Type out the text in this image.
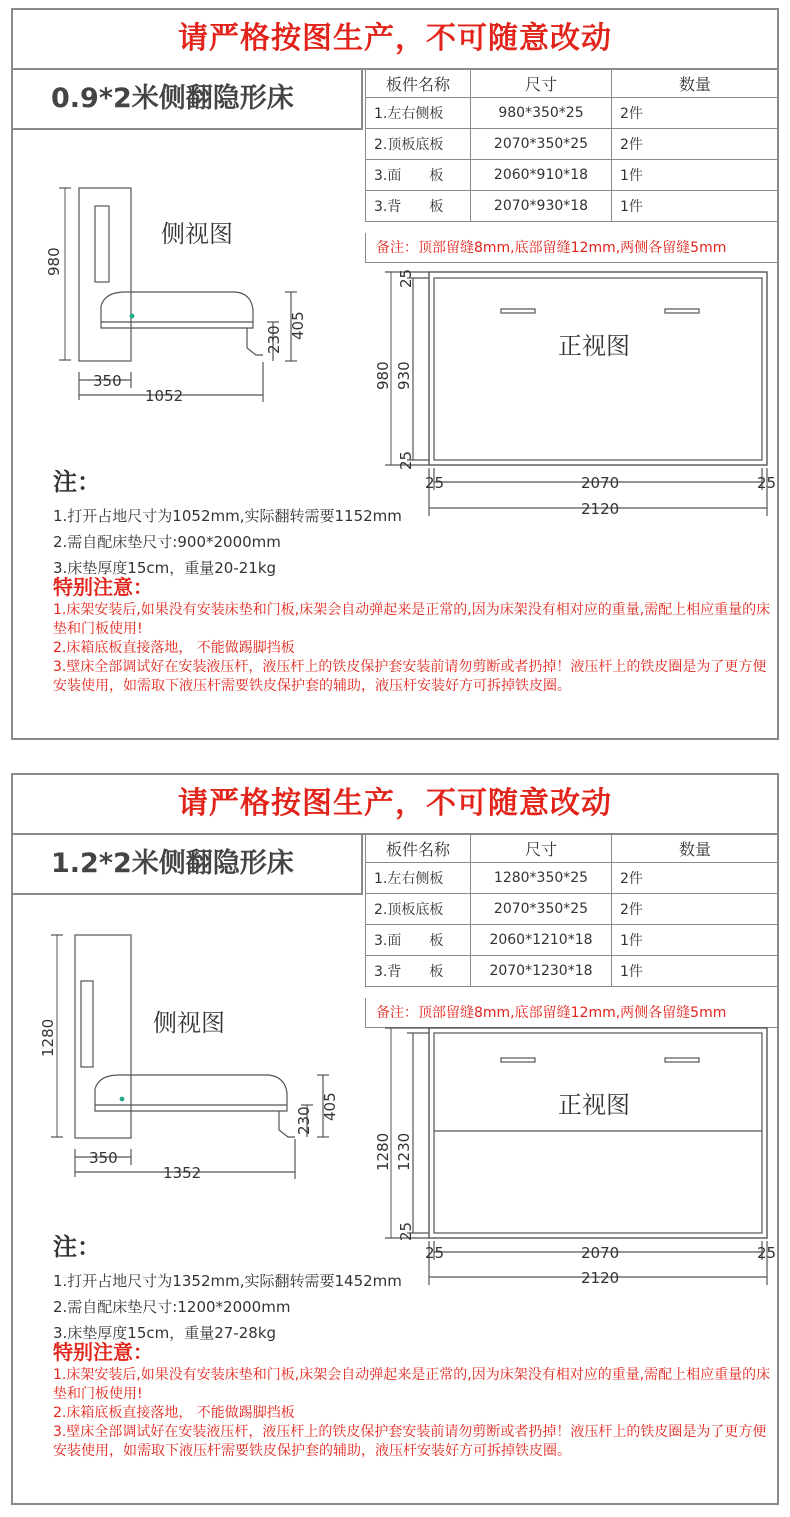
请严格按图生产，不可随意改动
0.9*2米侧翻隐形床	板件名称	尺寸	数量
1.左右侧板	980*350*25	2件
2.顶板底板	2070*350*25	2件
3.面　　板	2060*910*18	1件
3.背　　板	2070*930*18	1件
备注：顶部留缝8mm,底部留缝12mm,两侧各留缝5mm
侧视图
980
350
1052
405
230	正视图
980 930
25
25
2070
2120
25	25
注：
1.打开占地尺寸为1052mm,实际翻转需要1152mm
2.需自配床垫尺寸:900*2000mm
3.床垫厚度15cm，重量20-21kg
特别注意：
1.床架安装后,如果没有安装床垫和门板,床架会自动弹起来是正常的,因为床架没有相对应的重量,需配上相应重量的床垫和门板使用!
2.床箱底板直接落地， 不能做踢脚挡板
3.壁床全部调试好在安装液压杆，液压杆上的铁皮保护套安装前请勿剪断或者扔掉！液压杆上的铁皮圈是为了更方便安装使用，如需取下液压杆需要铁皮保护套的辅助，液压杆安装好方可拆掉铁皮圈。
请严格按图生产，不可随意改动
1.2*2米侧翻隐形床	板件名称	尺寸	数量
1.左右侧板	1280*350*25	2件
2.顶板底板	2070*350*25	2件
3.面　　板	2060*1210*18	1件
3.背　　板	2070*1230*18	1件
备注：顶部留缝8mm,底部留缝12mm,两侧各留缝5mm
侧视图
1280
350
1352
405
230
正视图
1280 1230
25
2070
2120
25	25
注：
1.打开占地尺寸为1352mm,实际翻转需要1452mm
2.需自配床垫尺寸:1200*2000mm
3.床垫厚度15cm，重量27-28kg
特别注意：
1.床架安装后,如果没有安装床垫和门板,床架会自动弹起来是正常的,因为床架没有相对应的重量,需配上相应重量的床垫和门板使用!
2.床箱底板直接落地， 不能做踢脚挡板
3.壁床全部调试好在安装液压杆，液压杆上的铁皮保护套安装前请勿剪断或者扔掉！液压杆上的铁皮圈是为了更方便安装使用，如需取下液压杆需要铁皮保护套的辅助，液压杆安装好方可拆掉铁皮圈。
